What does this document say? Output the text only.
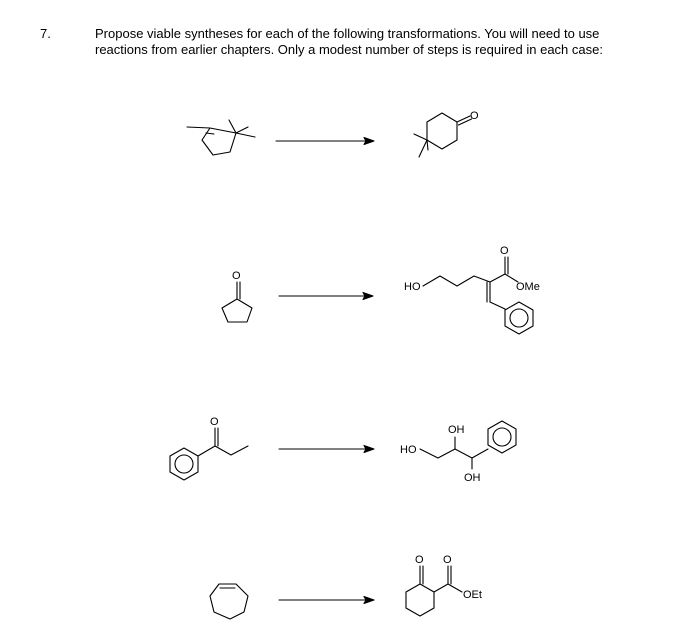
7.	Propose viable syntheses for each of the following transformations. You will need to use
reactions from earlier chapters. Only a modest number of steps is required in each case:
O
O
HO
O
OMe
O
HO
OH
OH
O O
OEt
